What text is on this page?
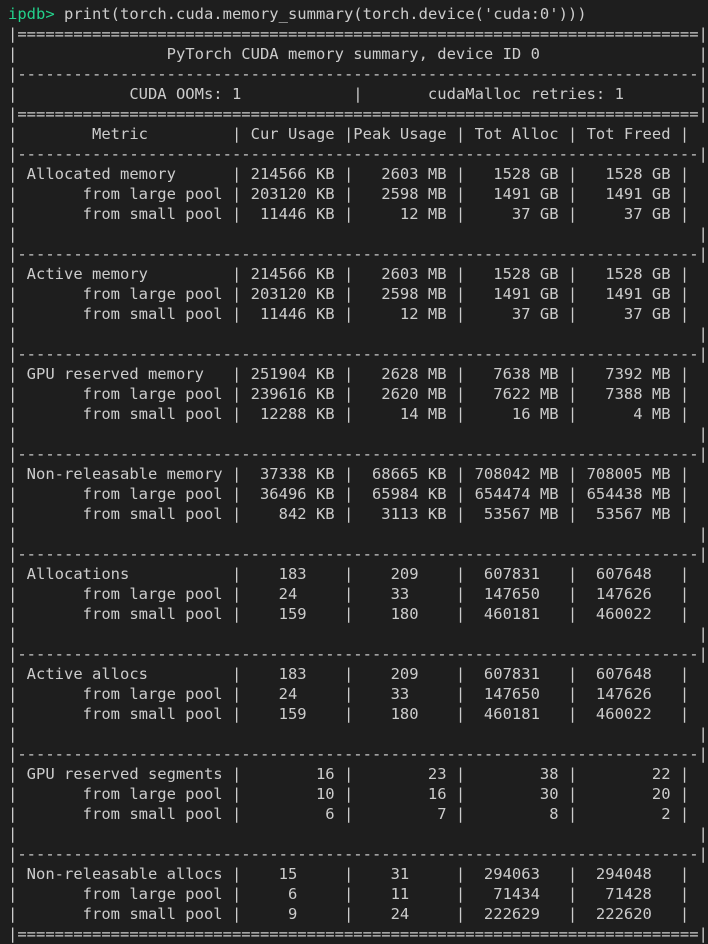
ipdb> print(torch.cuda.memory_summary(torch.device('cuda:0')))
|=========================================================================|
|                PyTorch CUDA memory summary, device ID 0                 |
|-------------------------------------------------------------------------|
|            CUDA OOMs: 1            |       cudaMalloc retries: 1        |
|=========================================================================|
|        Metric         | Cur Usage |Peak Usage | Tot Alloc | Tot Freed |
|-------------------------------------------------------------------------|
| Allocated memory      | 214566 KB |   2603 MB |   1528 GB |   1528 GB |
|       from large pool | 203120 KB |   2598 MB |   1491 GB |   1491 GB |
|       from small pool |  11446 KB |     12 MB |     37 GB |     37 GB |
|                                                                         |
|-------------------------------------------------------------------------|
| Active memory         | 214566 KB |   2603 MB |   1528 GB |   1528 GB |
|       from large pool | 203120 KB |   2598 MB |   1491 GB |   1491 GB |
|       from small pool |  11446 KB |     12 MB |     37 GB |     37 GB |
|                                                                         |
|-------------------------------------------------------------------------|
| GPU reserved memory   | 251904 KB |   2628 MB |   7638 MB |   7392 MB |
|       from large pool | 239616 KB |   2620 MB |   7622 MB |   7388 MB |
|       from small pool |  12288 KB |     14 MB |     16 MB |      4 MB |
|                                                                         |
|-------------------------------------------------------------------------|
| Non-releasable memory |  37338 KB |  68665 KB | 708042 MB | 708005 MB |
|       from large pool |  36496 KB |  65984 KB | 654474 MB | 654438 MB |
|       from small pool |    842 KB |   3113 KB |  53567 MB |  53567 MB |
|                                                                         |
|-------------------------------------------------------------------------|
| Allocations           |    183    |    209    |  607831   |  607648   |
|       from large pool |    24     |    33     |  147650   |  147626   |
|       from small pool |    159    |    180    |  460181   |  460022   |
|                                                                         |
|-------------------------------------------------------------------------|
| Active allocs         |    183    |    209    |  607831   |  607648   |
|       from large pool |    24     |    33     |  147650   |  147626   |
|       from small pool |    159    |    180    |  460181   |  460022   |
|                                                                         |
|-------------------------------------------------------------------------|
| GPU reserved segments |        16 |        23 |        38 |        22 |
|       from large pool |        10 |        16 |        30 |        20 |
|       from small pool |         6 |         7 |         8 |         2 |
|                                                                         |
|-------------------------------------------------------------------------|
| Non-releasable allocs |    15     |    31     |  294063   |  294048   |
|       from large pool |     6     |    11     |   71434   |   71428   |
|       from small pool |     9     |    24     |  222629   |  222620   |
|=========================================================================|
